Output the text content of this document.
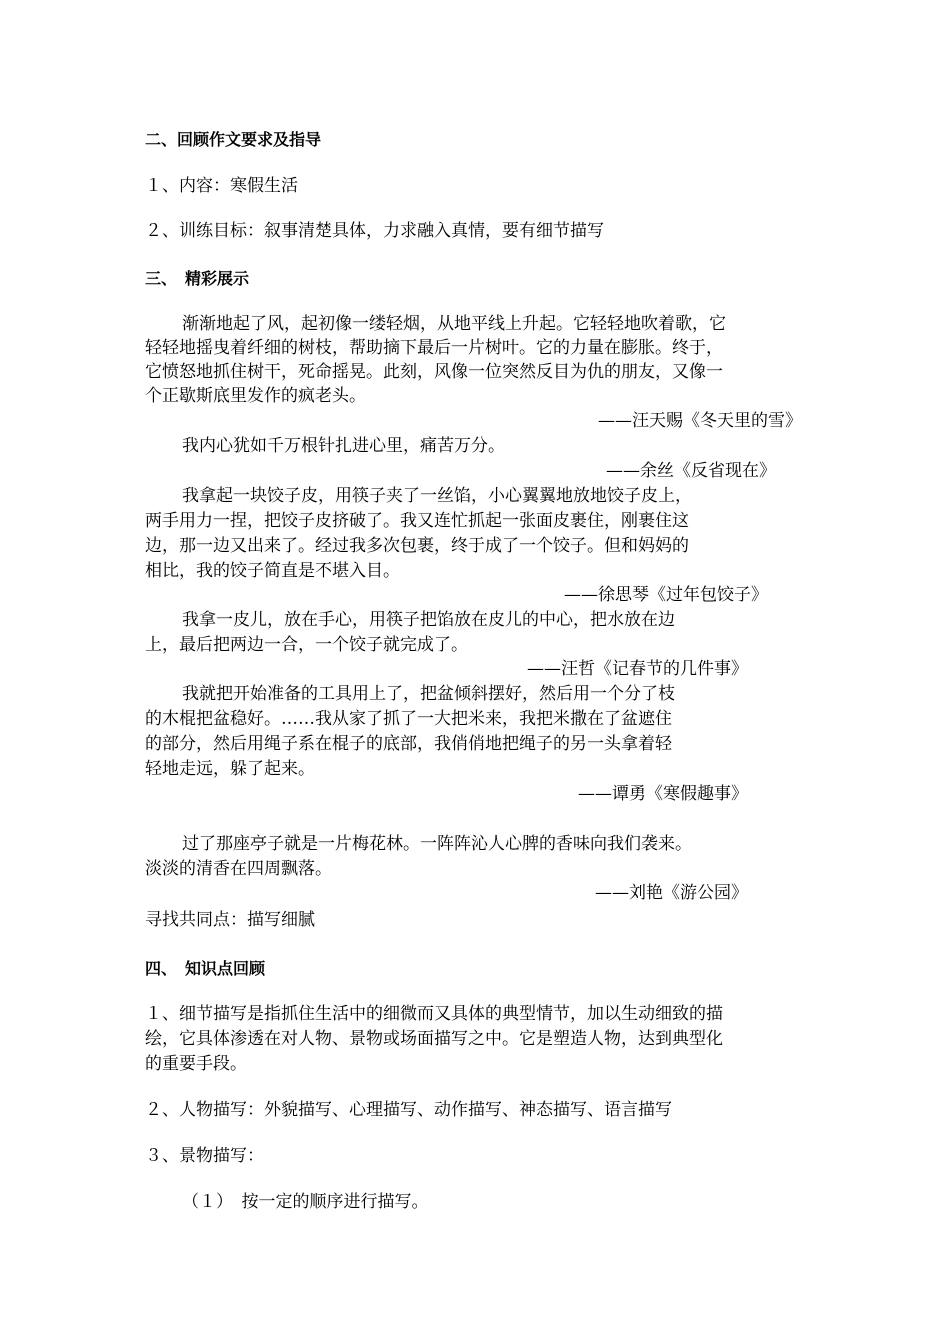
二、回顾作文要求及指导
１、内容：寒假生活
２、训练目标：叙事清楚具体，力求融入真情，要有细节描写
三、　精彩展示
渐渐地起了风，起初像一缕轻烟，从地平线上升起。它轻轻地吹着歌，它
轻轻地摇曳着纤细的树枝，帮助摘下最后一片树叶。它的力量在膨胀。终于，
它愤怒地抓住树干，死命摇晃。此刻，风像一位突然反目为仇的朋友，又像一
个正歇斯底里发作的疯老头。
——汪天赐《冬天里的雪》
我内心犹如千万根针扎进心里，痛苦万分。
——余丝《反省现在》
我拿起一块饺子皮，用筷子夹了一丝馅，小心翼翼地放地饺子皮上，
两手用力一捏，把饺子皮挤破了。我又连忙抓起一张面皮裹住，刚裹住这
边，那一边又出来了。经过我多次包裹，终于成了一个饺子。但和妈妈的
相比，我的饺子简直是不堪入目。
——徐思琴《过年包饺子》
我拿一皮儿，放在手心，用筷子把馅放在皮儿的中心，把水放在边
上，最后把两边一合，一个饺子就完成了。
——汪哲《记春节的几件事》
我就把开始准备的工具用上了，把盆倾斜摆好，然后用一个分了枝
的木棍把盆稳好。……我从家了抓了一大把米来，我把米撒在了盆遮住
的部分，然后用绳子系在棍子的底部，我俏俏地把绳子的另一头拿着轻
轻地走远，躲了起来。
——谭勇《寒假趣事》
过了那座亭子就是一片梅花林。一阵阵沁人心脾的香味向我们袭来。
淡淡的清香在四周飘落。
——刘艳《游公园》
寻找共同点：描写细腻
四、　知识点回顾
１、细节描写是指抓住生活中的细微而又具体的典型情节，加以生动细致的描
绘，它具体渗透在对人物、景物或场面描写之中。它是塑造人物，达到典型化
的重要手段。
２、人物描写：外貌描写、心理描写、动作描写、神态描写、语言描写
３、景物描写：
（１）　按一定的顺序进行描写。
